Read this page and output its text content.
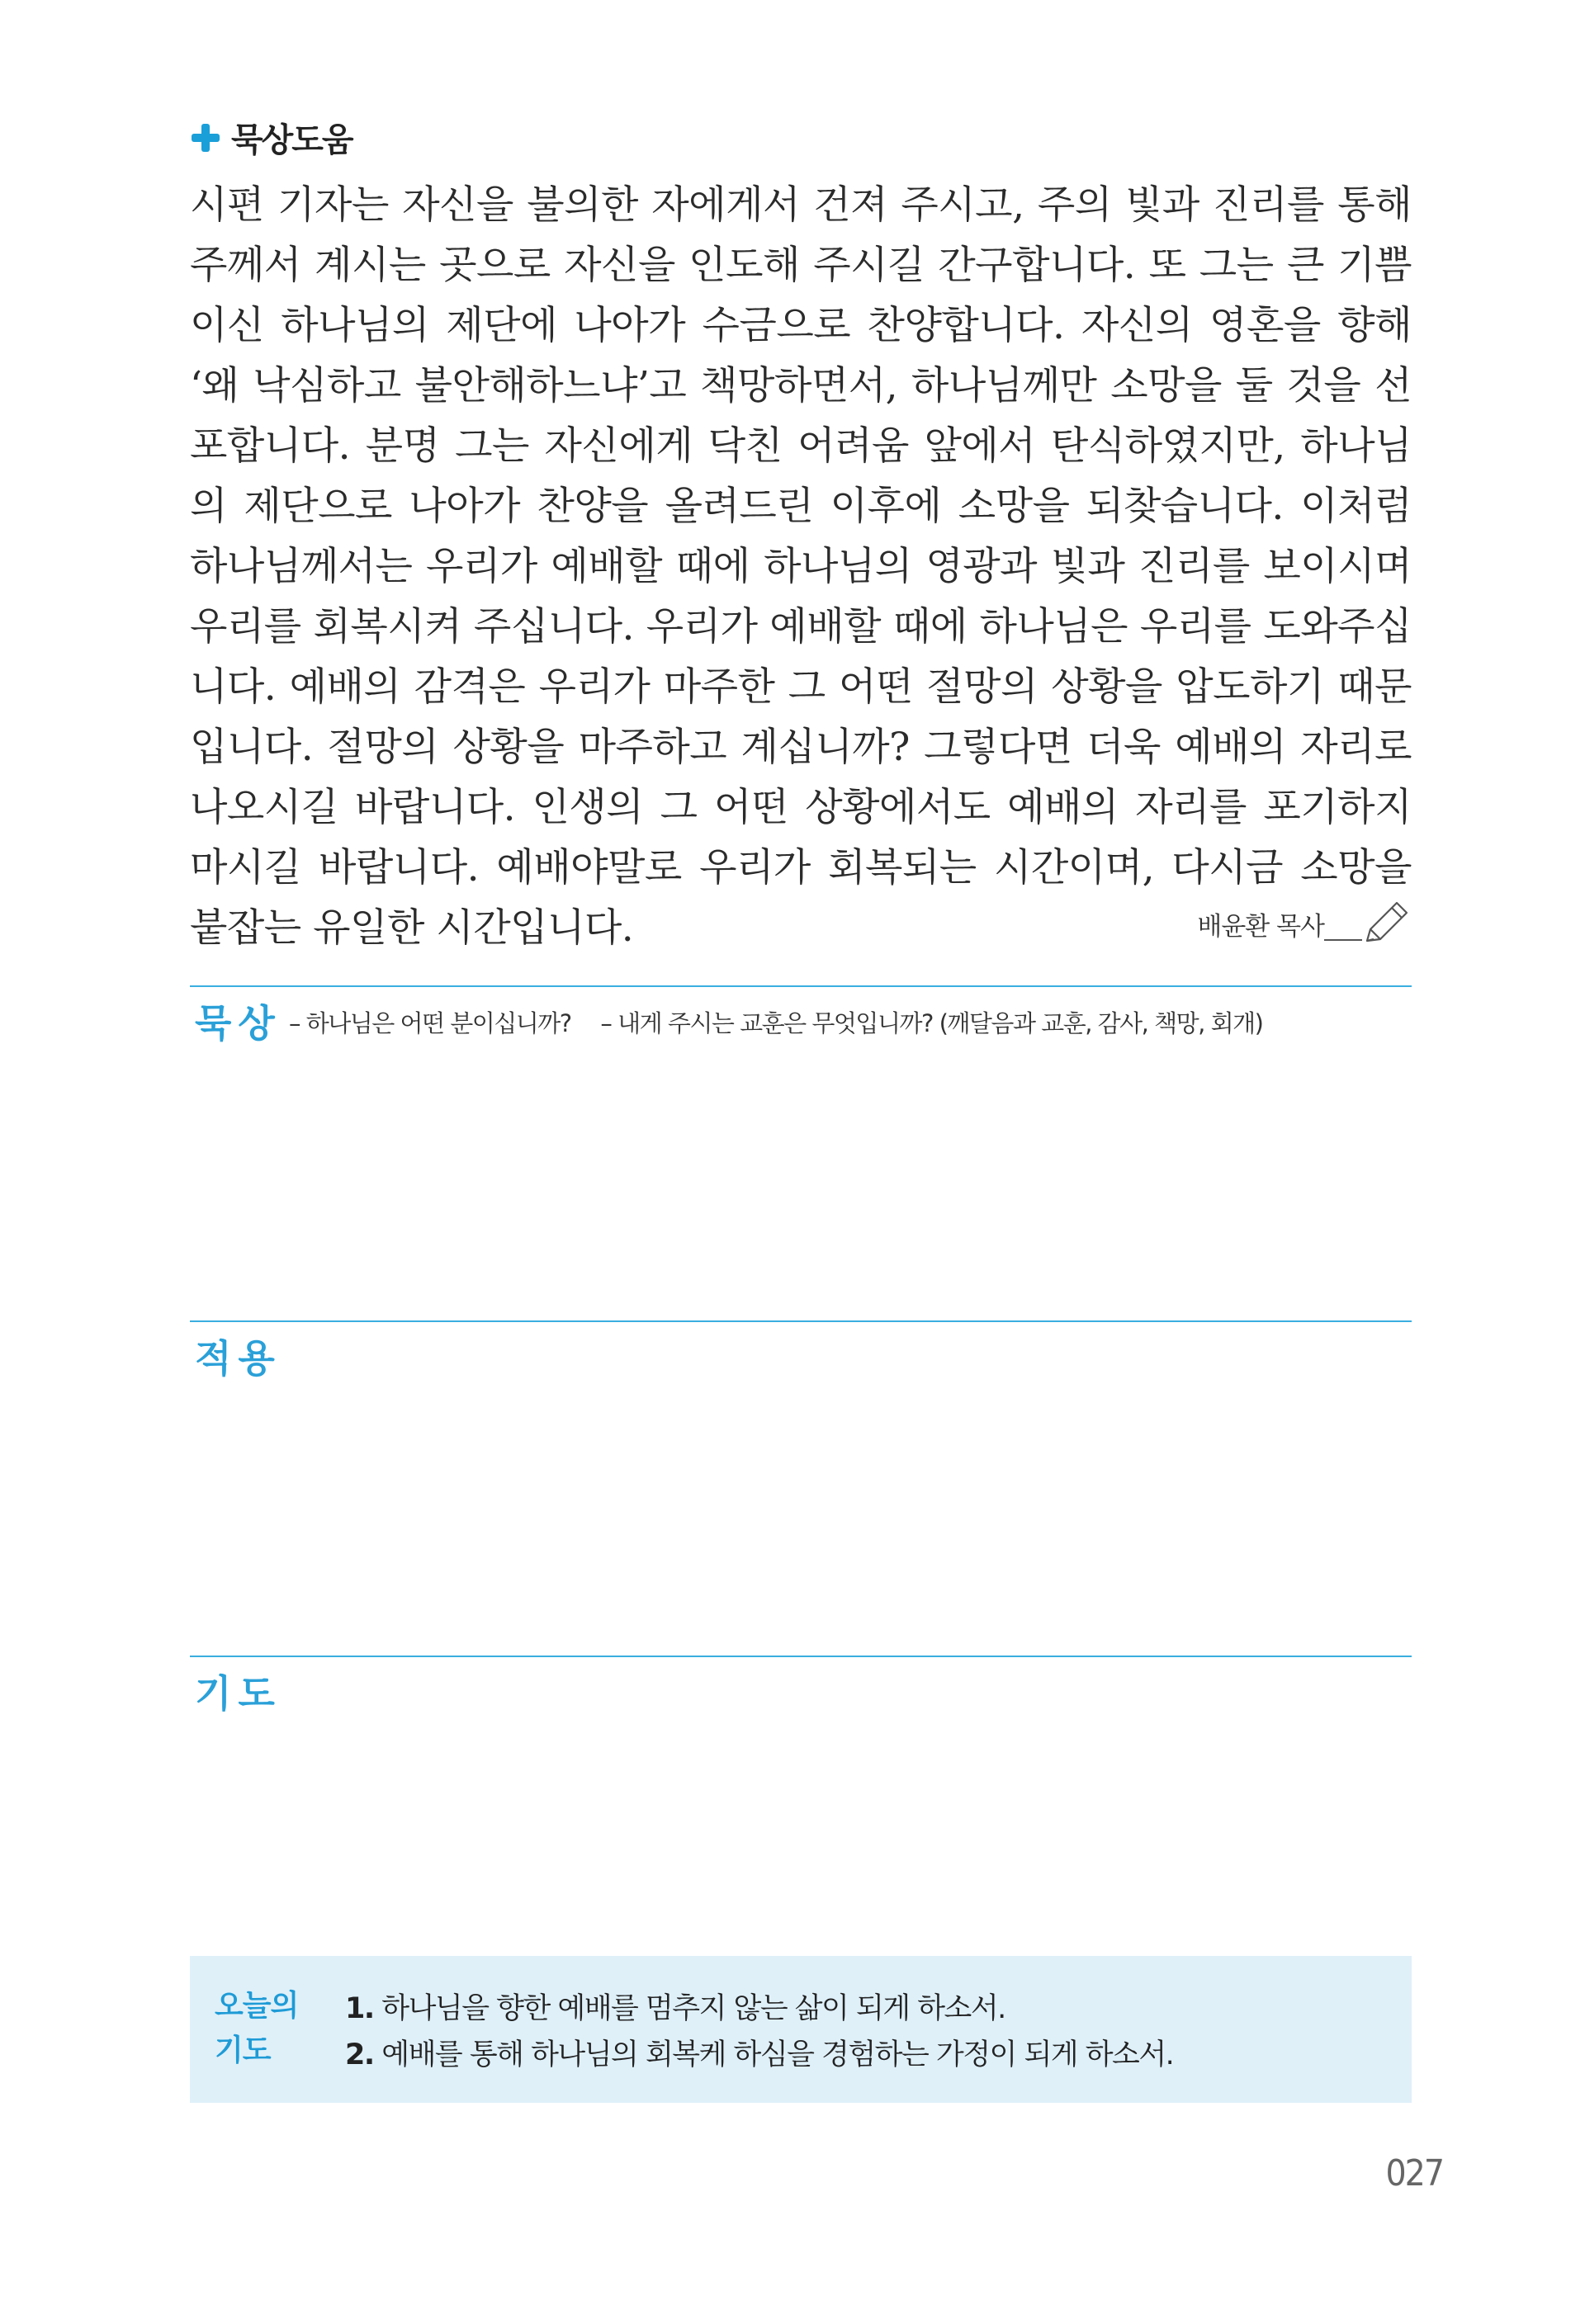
묵상도움

시편 기자는 자신을 불의한 자에게서 건져 주시고, 주의 빛과 진리를 통해 주께서 계시는 곳으로 자신을 인도해 주시길 간구합니다. 또 그는 큰 기쁨이신 하나님의 제단에 나아가 수금으로 찬양합니다. 자신의 영혼을 향해 ‘왜 낙심하고 불안해하느냐’고 책망하면서, 하나님께만 소망을 둘 것을 선포합니다. 분명 그는 자신에게 닥친 어려움 앞에서 탄식하였지만, 하나님의 제단으로 나아가 찬양을 올려드린 이후에 소망을 되찾습니다. 이처럼 하나님께서는 우리가 예배할 때에 하나님의 영광과 빛과 진리를 보이시며 우리를 회복시켜 주십니다. 우리가 예배할 때에 하나님은 우리를 도와주십니다. 예배의 감격은 우리가 마주한 그 어떤 절망의 상황을 압도하기 때문입니다. 절망의 상황을 마주하고 계십니까? 그렇다면 더욱 예배의 자리로 나오시길 바랍니다. 인생의 그 어떤 상황에서도 예배의 자리를 포기하지 마시길 바랍니다. 예배야말로 우리가 회복되는 시간이며, 다시금 소망을 붙잡는 유일한 시간입니다.	배윤환 목사
묵상 – 하나님은 어떤 분이십니까? – 내게 주시는 교훈은 무엇입니까? (깨달음과 교훈, 감사, 책망, 회개)
적용
기도
오늘의
기도
1. 하나님을 향한 예배를 멈추지 않는 삶이 되게 하소서.
2. 예배를 통해 하나님의 회복케 하심을 경험하는 가정이 되게 하소서.
027
